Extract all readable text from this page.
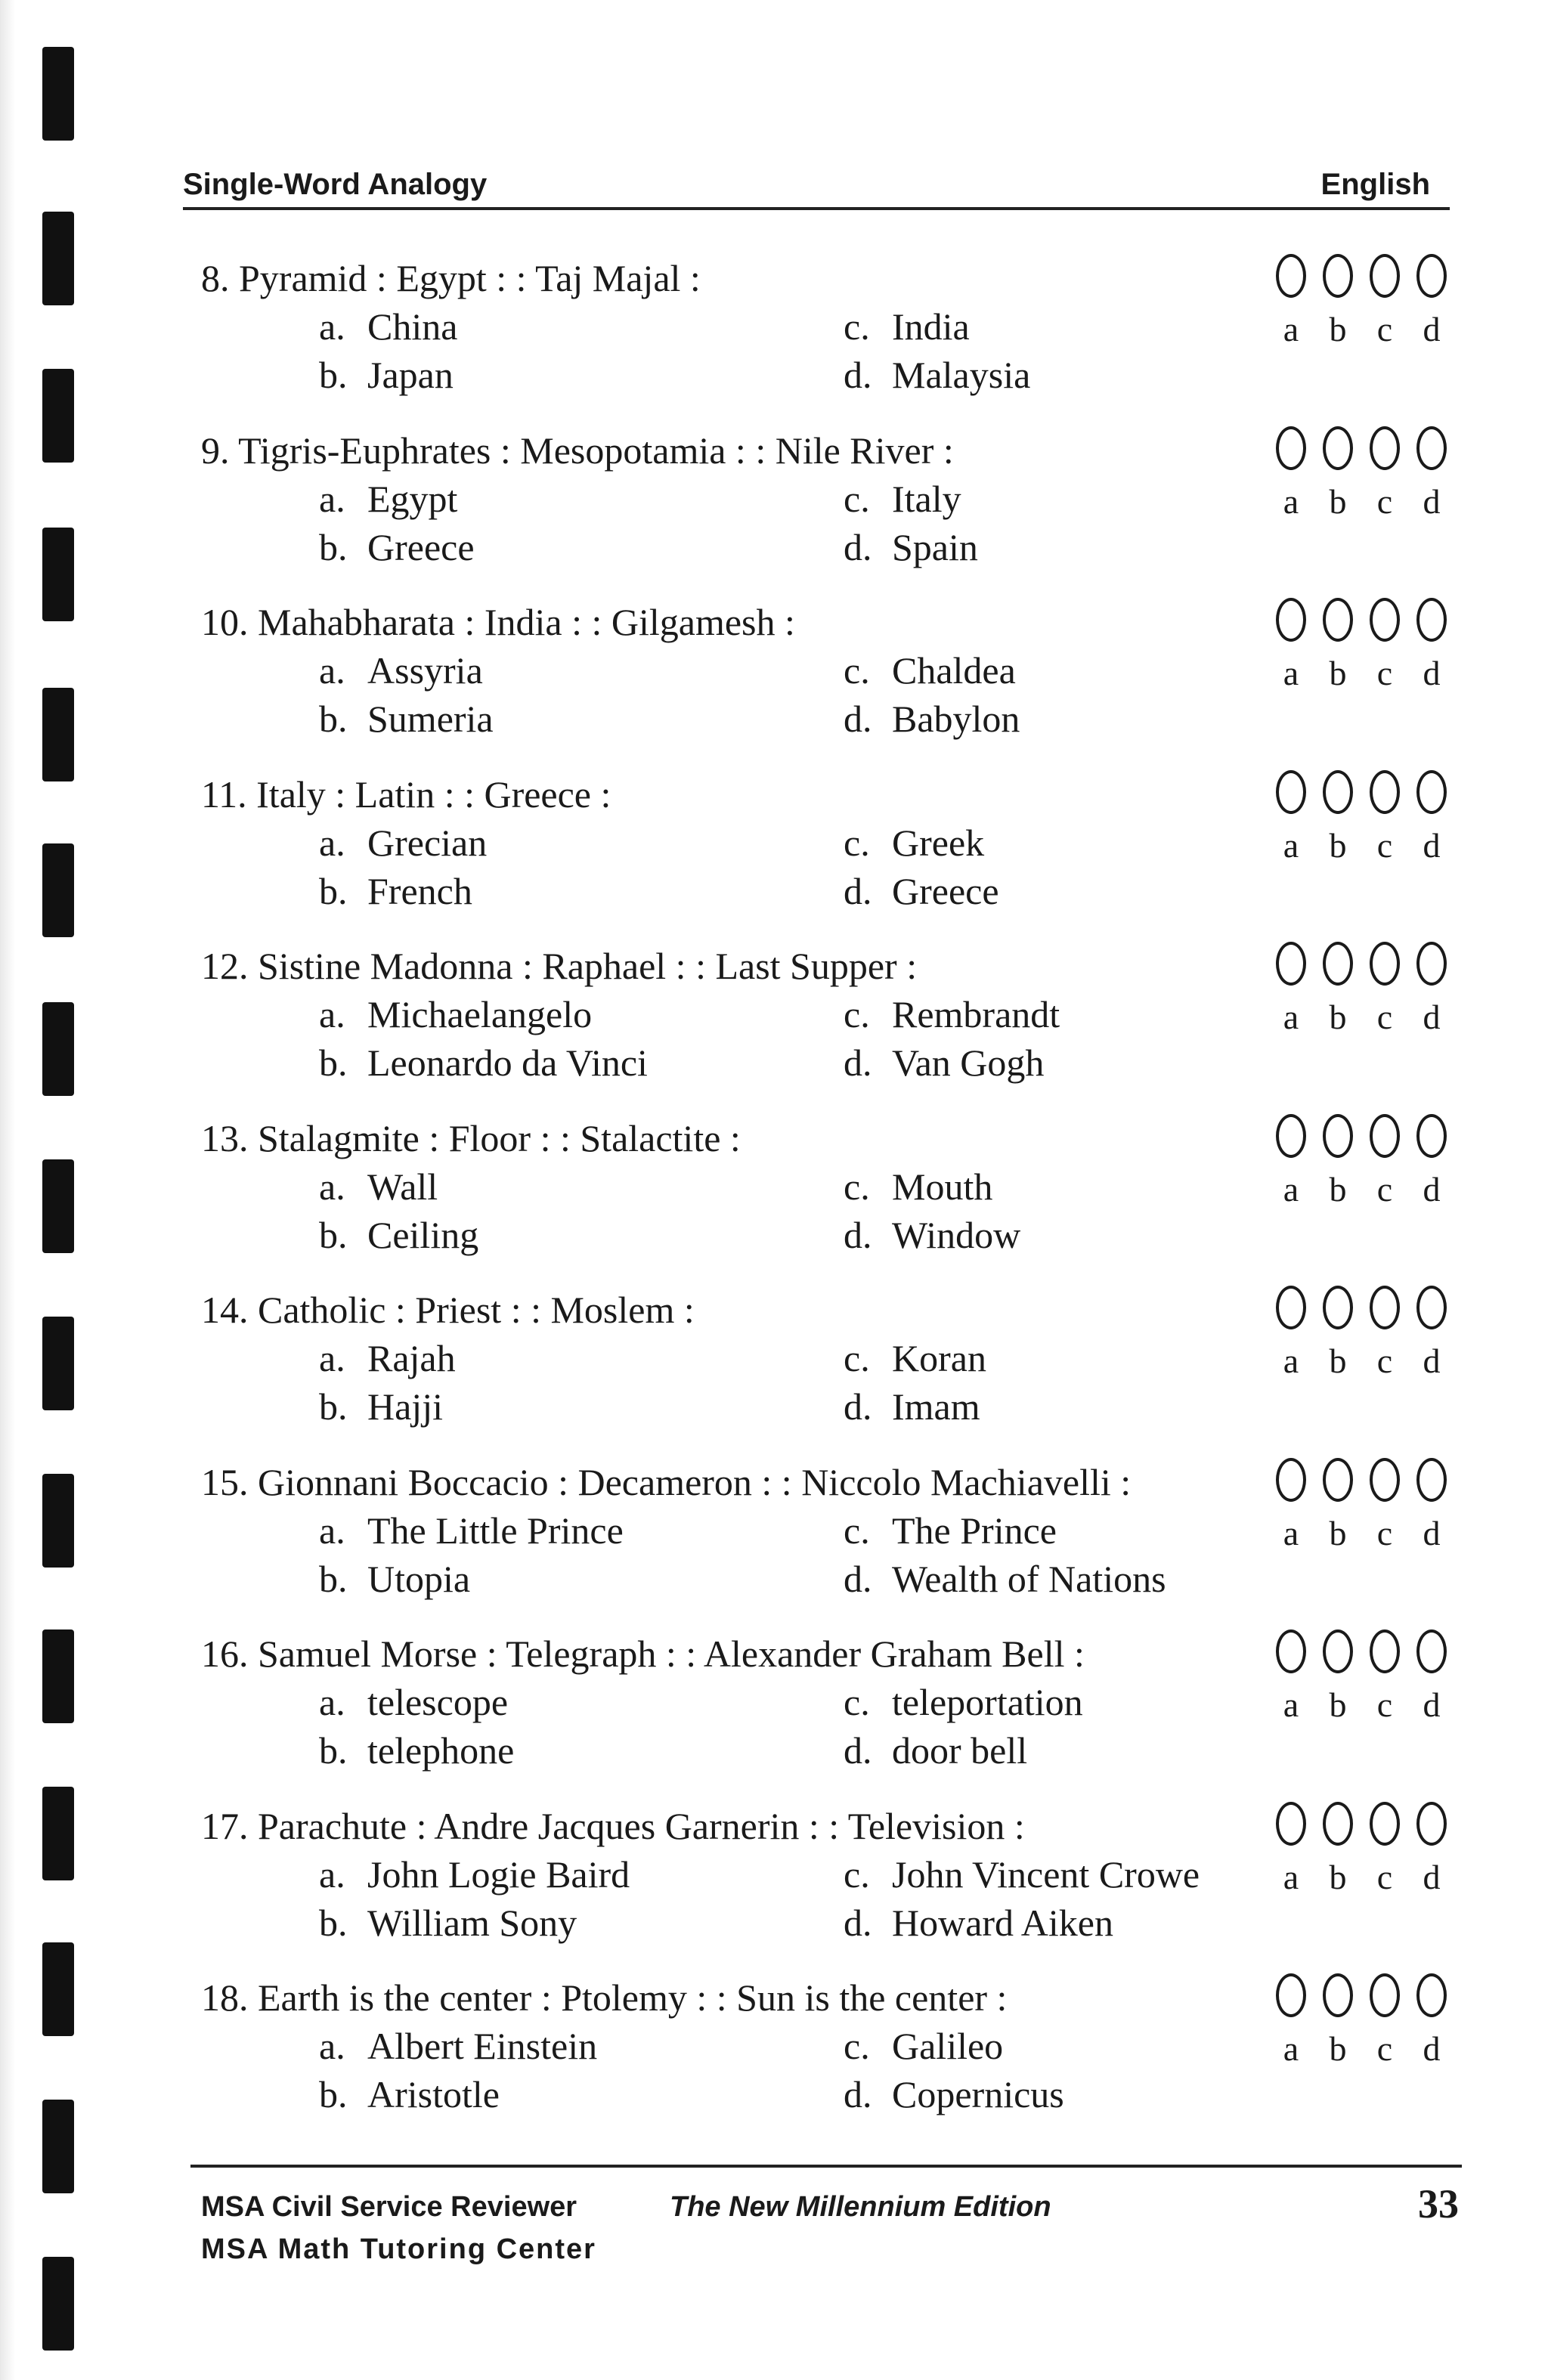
Single-Word Analogy	English
8. Pyramid : Egypt : : Taj Majal :
a. China
b. Japan
c. India
d. Malaysia
a b c d
9. Tigris-Euphrates : Mesopotamia : : Nile River :
a. Egypt
b. Greece
c. Italy
d. Spain
a b c d
10. Mahabharata : India : : Gilgamesh :
a. Assyria
b. Sumeria
c. Chaldea
d. Babylon
a b c d
11. Italy : Latin : : Greece :
a. Grecian
b. French
c. Greek
d. Greece
a b c d
12. Sistine Madonna : Raphael : : Last Supper :
a. Michaelangelo
b. Leonardo da Vinci
c. Rembrandt
d. Van Gogh
a b c d
13. Stalagmite : Floor : : Stalactite :
a. Wall
b. Ceiling
c. Mouth
d. Window
a b c d
14. Catholic : Priest : : Moslem :
a. Rajah
b. Hajji
c. Koran
d. Imam
a b c d
15. Gionnani Boccacio : Decameron : : Niccolo Machiavelli :
a. The Little Prince
b. Utopia
c. The Prince
d. Wealth of Nations
a b c d
16. Samuel Morse : Telegraph : : Alexander Graham Bell :
a. telescope
b. telephone
c. teleportation
d. door bell
a b c d
17. Parachute : Andre Jacques Garnerin : : Television :
a. John Logie Baird
b. William Sony
c. John Vincent Crowe
d. Howard Aiken
a b c d
18. Earth is the center : Ptolemy : : Sun is the center :
a. Albert Einstein
b. Aristotle
c. Galileo
d. Copernicus
a b c d
MSA Civil Service Reviewer	The New Millennium Edition
MSA Math Tutoring Center
33
